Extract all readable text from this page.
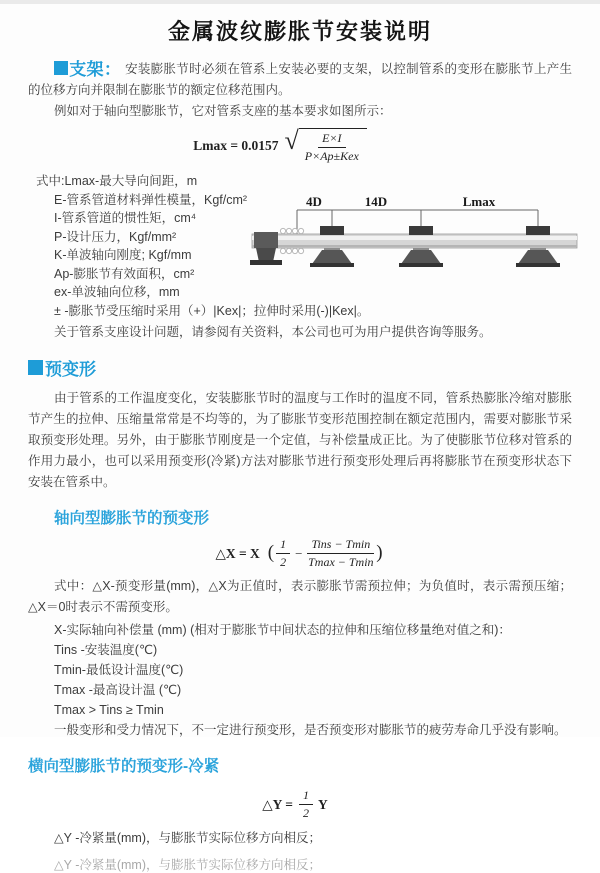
金属波纹膨胀节安装说明

支架： 安装膨胀节时必须在管系上安装必要的支架，以控制管系的变形在膨胀节上产生的位移方向并限制在膨胀节的额定位移范围内。

例如对于轴向型膨胀节，它对管系支座的基本要求如图所示：

Lmax = 0.0157 √ $\frac{E\times I}{\text{P×Ap±Kex}}$
式中:Lmax-最大导向间距，m
E-管系管道材料弹性模量，Kgf/cm²
I-管系管道的惯性矩，cm⁴
P-设计压力，Kgf/mm²
K-单波轴向刚度; Kgf/mm
Ap-膨胀节有效面积，cm²
ex-单波轴向位移，mm
± -膨胀节受压缩时采用（+）|Kex|；拉伸时采用(-)|Kex|。

关于管系支座设计问题，请参阅有关资料，本公司也可为用户提供咨询等服务。

4D	14D	Lmax
预变形

由于管系的工作温度变化，安装膨胀节时的温度与工作时的温度不同，管系热膨胀冷缩对膨胀节产生的拉伸、压缩量常常是不均等的，为了膨胀节变形范围控制在额定范围内，需要对膨胀节采取预变形处理。另外，由于膨胀节刚度是一个定值，与补偿量成正比。为了使膨胀节位移对管系的作用力最小，也可以采用预变形(冷紧)方法对膨胀节进行预变形处理后再将膨胀节在预变形状态下安装在管系中。

轴向型膨胀节的预变形
△X = X ( $\frac{1}{2} - \frac{\text{Tins − Tmin}}{Tmax - Tmin}$ )

式中：△X-预变形量(mm)，△X为正值时，表示膨胀节需预拉伸；为负值时，表示需预压缩；△X＝0时表示不需预变形。

X-实际轴向补偿量 (mm) (相对于膨胀节中间状态的拉伸和压缩位移量绝对值之和)：
Tins -安装温度(℃)
Tmin-最低设计温度(℃)
Tmax -最高设计温 (℃)
Tmax > Tins ≥ Tmin

一般变形和受力情况下，不一定进行预变形，是否预变形对膨胀节的疲劳寿命几乎没有影响。

横向型膨胀节的预变形-冷紧
△Y = $\frac{1}{2}$ Y

△Y -冷紧量(mm)，与膨胀节实际位移方向相反；

△Y -冷紧量(mm)，与膨胀节实际位移方向相反；
